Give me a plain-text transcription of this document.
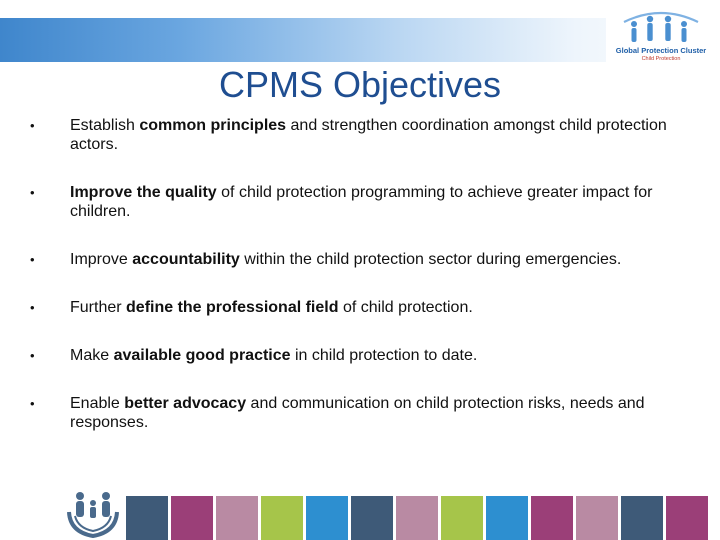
Global Protection Cluster
Child Protection
CPMS Objectives
•	Establish common principles and strengthen coordination amongst child protection actors.
•	Improve the quality of child protection programming to achieve greater impact for children.
•	Improve accountability within the child protection sector during emergencies.
•	Further define the professional field of child protection.
•	Make available good practice in child protection to date.
•	Enable better advocacy and communication on child protection risks, needs and responses.
